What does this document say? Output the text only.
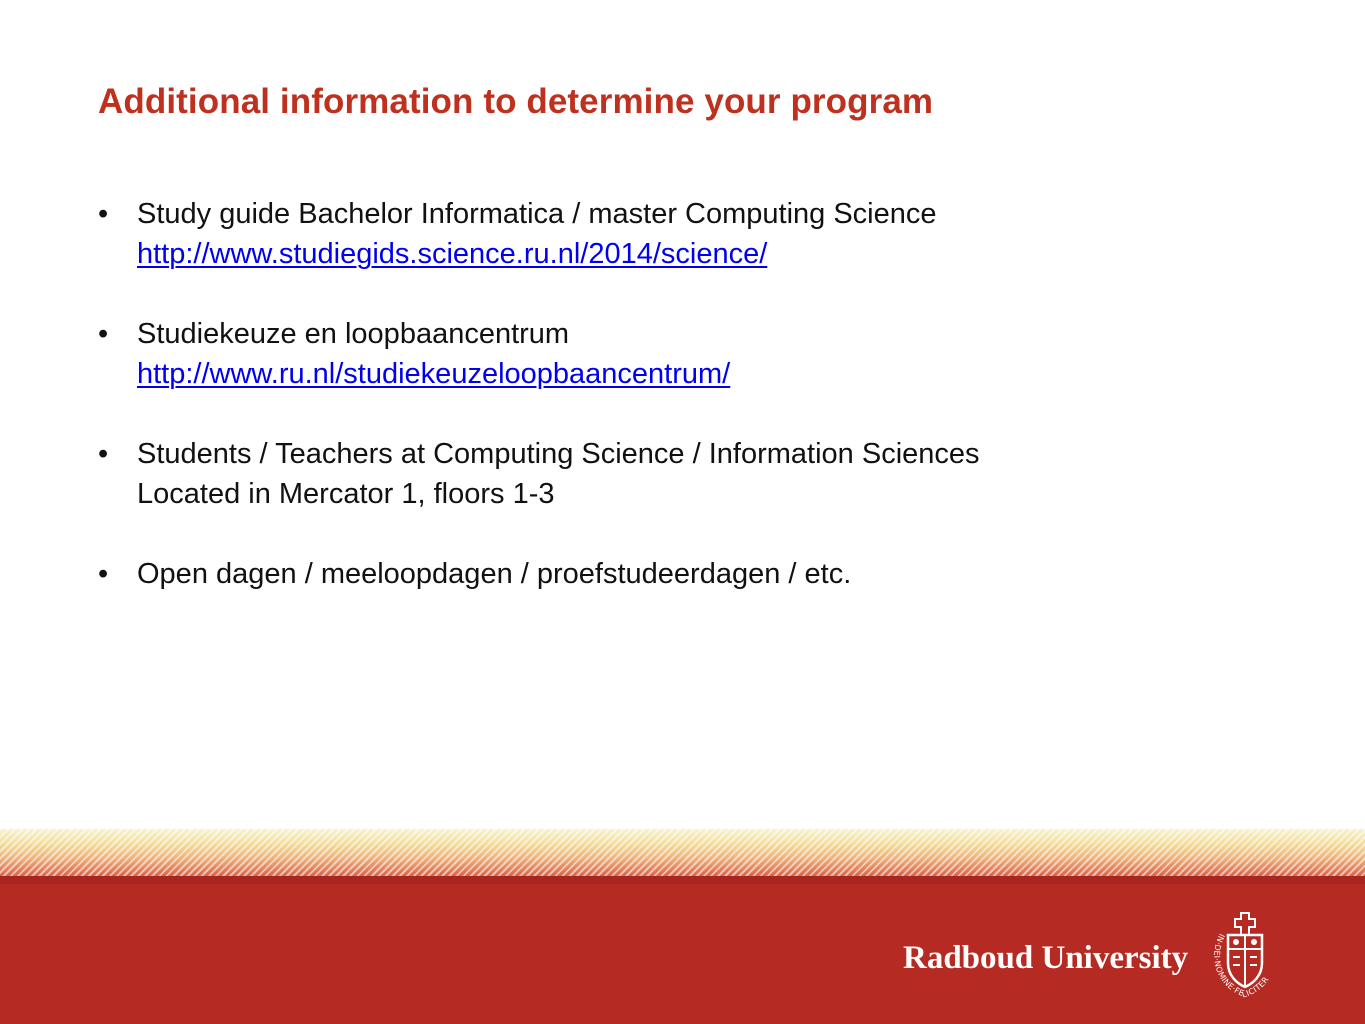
Additional information to determine your program
• Study guide Bachelor Informatica / master Computing Science
http://www.studiegids.science.ru.nl/2014/science/
• Studiekeuze en loopbaancentrum
http://www.ru.nl/studiekeuzeloopbaancentrum/
• Students / Teachers at Computing Science / Information Sciences
Located in Mercator 1, floors 1-3
• Open dagen / meeloopdagen / proefstudeerdagen / etc.
Radboud University
IN·DEI·NOMINE·FELICITER
